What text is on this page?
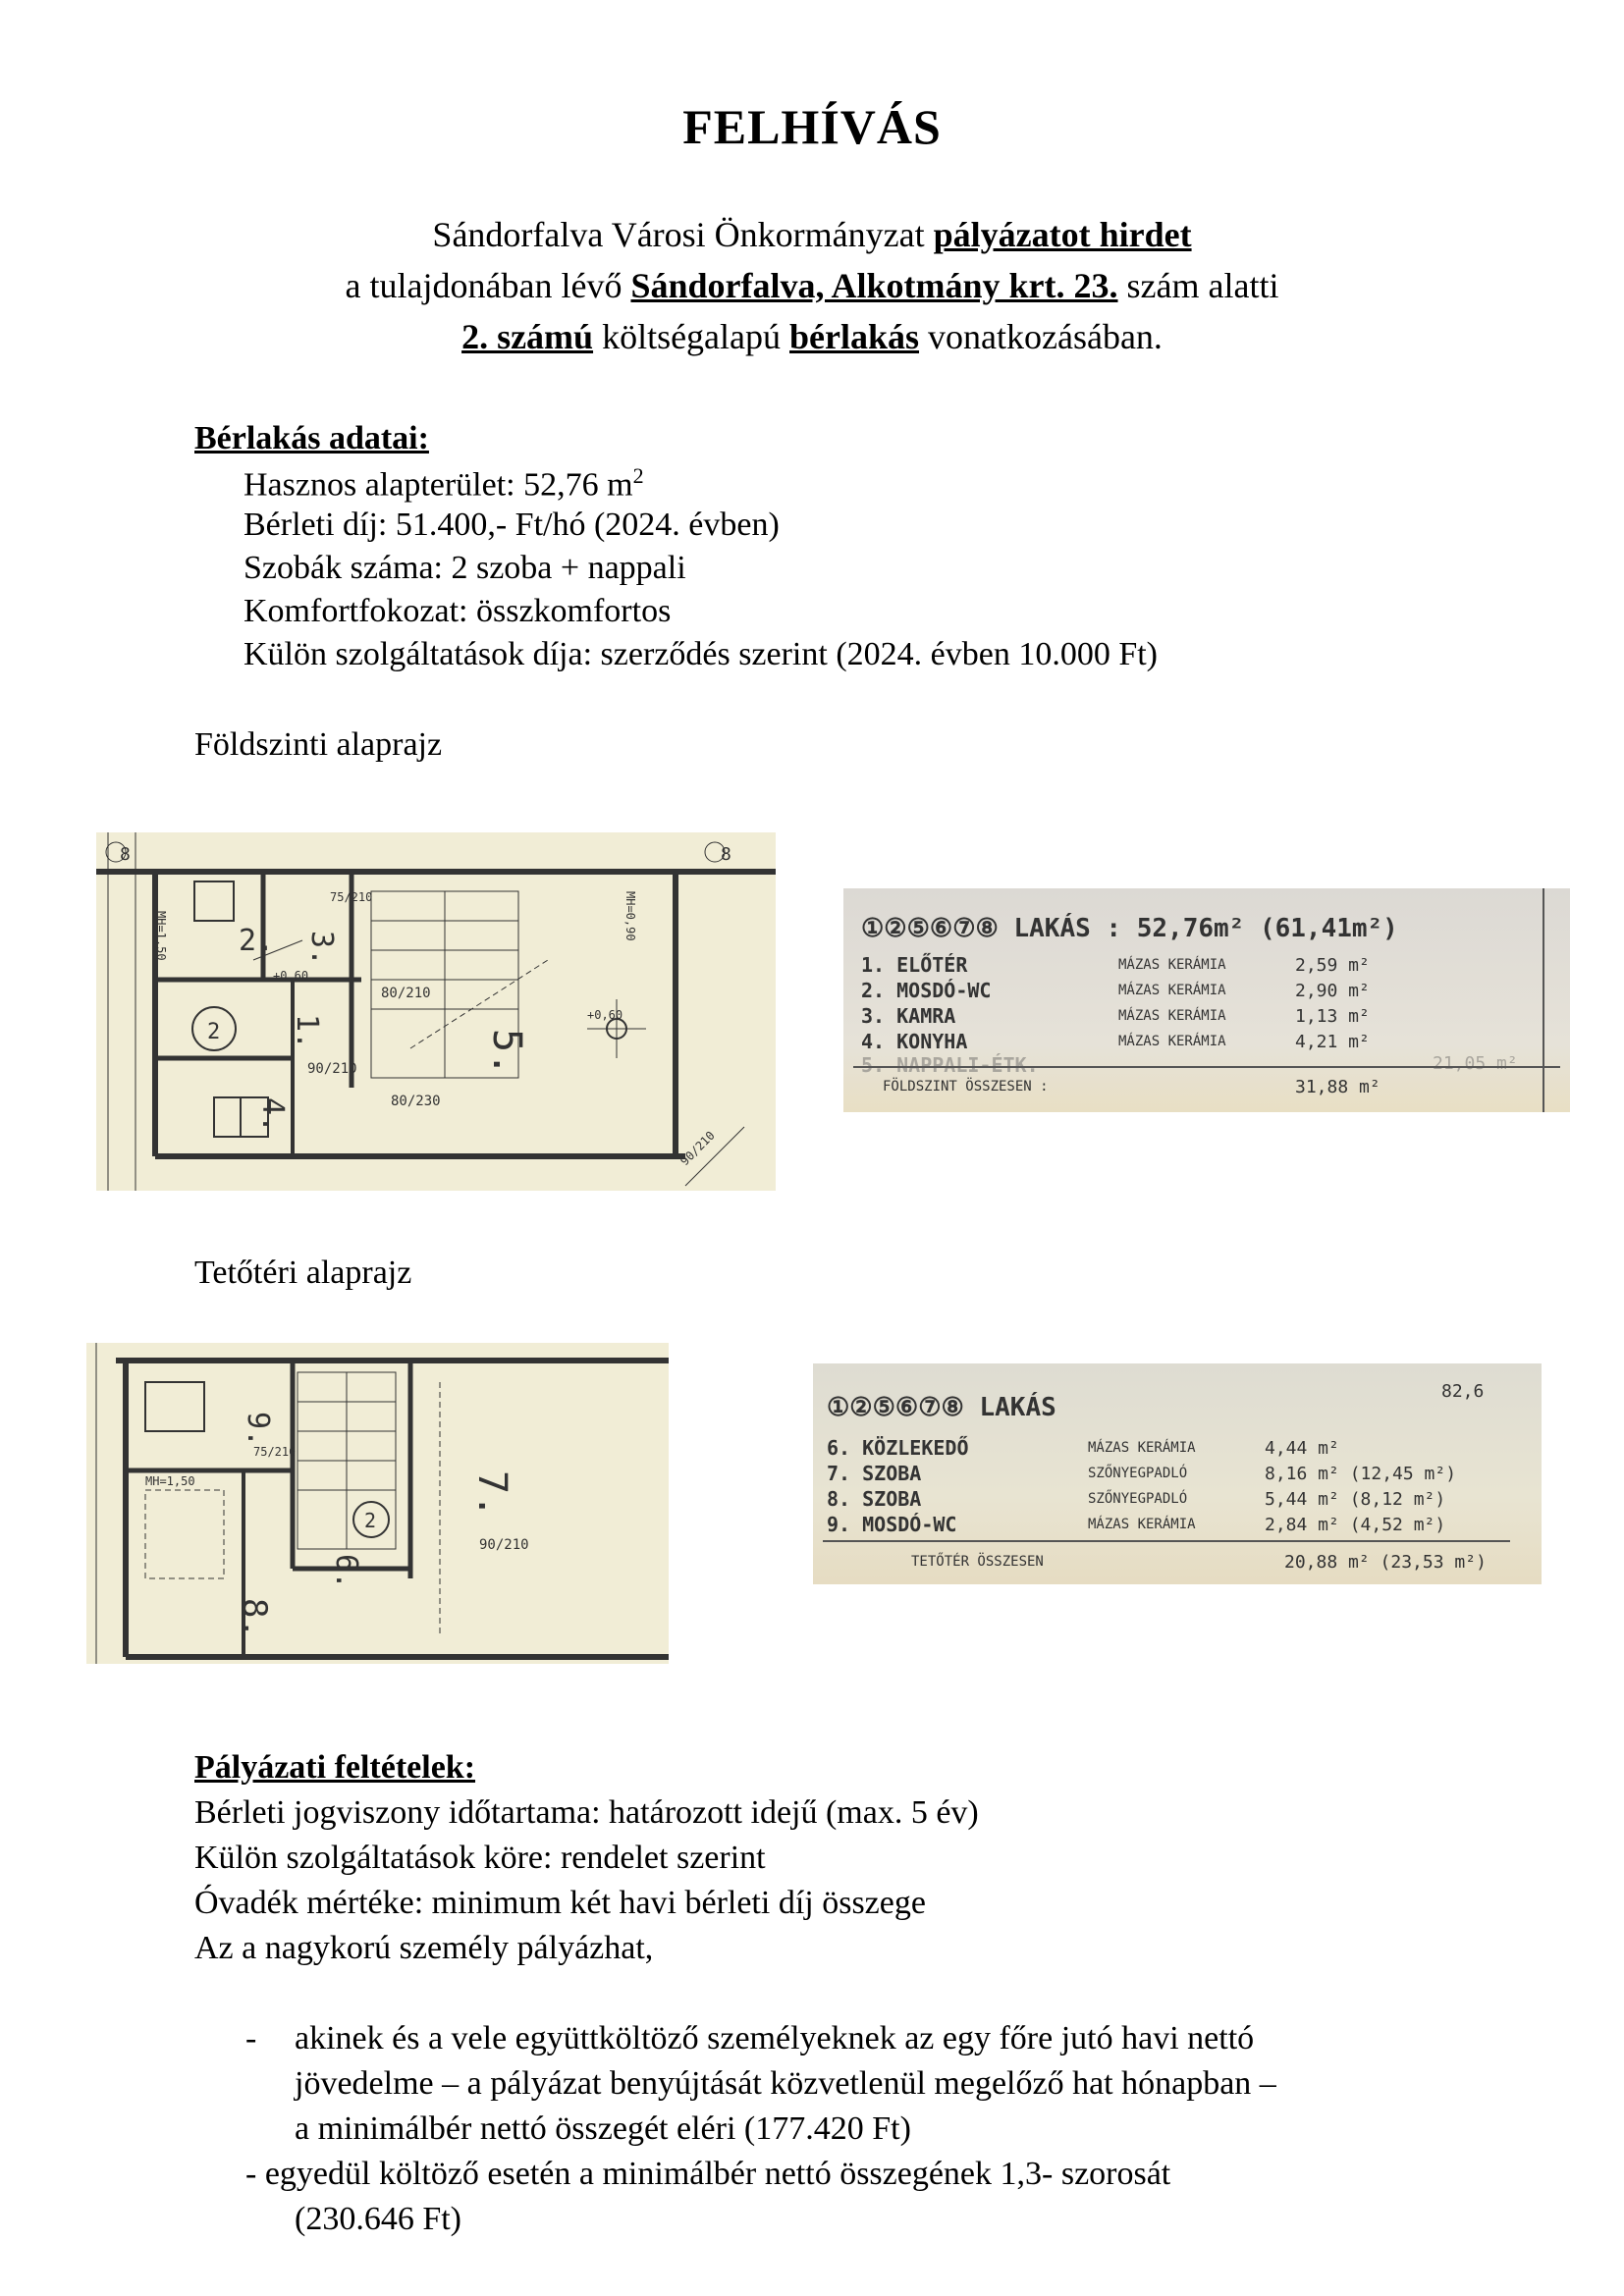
FELHÍVÁS
Sándorfalva Városi Önkormányzat pályázatot hirdet
a tulajdonában lévő Sándorfalva, Alkotmány krt. 23. szám alatti
2. számú költségalapú bérlakás vonatkozásában.
Bérlakás adatai:
Hasznos alapterület: 52,76 $m^2$
Bérleti díj: 51.400,- Ft/hó (2024. évben)
Szobák száma: 2 szoba + nappali
Komfortfokozat: összkomfortos
Külön szolgáltatások díja: szerződés szerint (2024. évben 10.000 Ft)
Földszinti alaprajz
2. 3.
1.
4.
5.
2
8	8
80/210
90/210
80/230
75/210
+0,60
+0,60
MH=1,50	MH=0,90
90/210
①②⑤⑥⑦⑧ LAKÁS : 52,76m² (61,41m²)
1. ELŐTÉR	MÁZAS KERÁMIA	2,59 m²
2. MOSDÓ-WC	MÁZAS KERÁMIA	2,90 m²
3. KAMRA	MÁZAS KERÁMIA	1,13 m²
4. KONYHA	MÁZAS KERÁMIA	4,21 m²
5. NAPPALI-ÉTK.	21,05 m²
FÖLDSZINT ÖSSZESEN :	31,88 m²
Tetőtéri alaprajz
9.
7.
8.
6.
2
90/210
MH=1,50
75/210
①②⑤⑥⑦⑧ LAKÁS
82,6
6. KÖZLEKEDŐ	MÁZAS KERÁMIA	4,44 m²
7. SZOBA	SZŐNYEGPADLÓ	8,16 m² (12,45 m²)
8. SZOBA	SZŐNYEGPADLÓ	5,44 m² (8,12 m²)
9. MOSDÓ-WC	MÁZAS KERÁMIA	2,84 m² (4,52 m²)
TETŐTÉR ÖSSZESEN	20,88 m² (23,53 m²)
Pályázati feltételek:
Bérleti jogviszony időtartama: határozott idejű (max. 5 év)
Külön szolgáltatások köre: rendelet szerint
Óvadék mértéke: minimum két havi bérleti díj összege
Az a nagykorú személy pályázhat,
- akinek és a vele együttköltöző személyeknek az egy főre jutó havi nettó
jövedelme – a pályázat benyújtását közvetlenül megelőző hat hónapban –
a minimálbér nettó összegét eléri (177.420 Ft)
- egyedül költöző esetén a minimálbér nettó összegének 1,3- szorosát
(230.646 Ft)
